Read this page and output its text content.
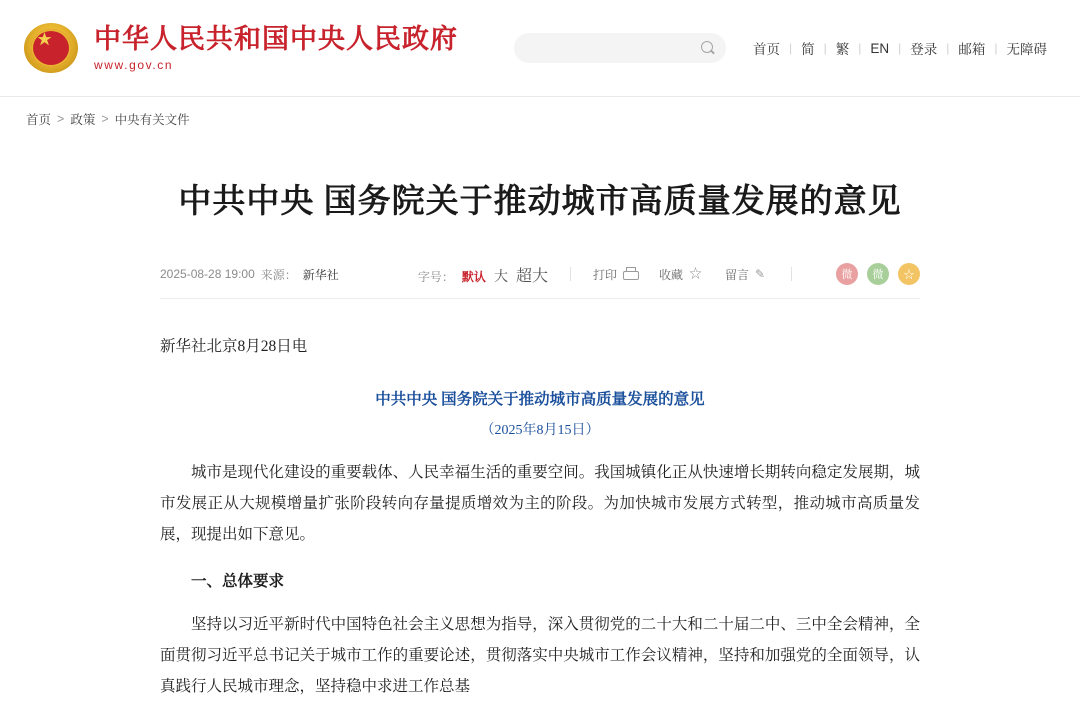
中华人民共和国中央人民政府
www.gov.cn
首页 | 简 | 繁 | EN | 登录 | 邮箱 | 无障碍
首页 > 政策 > 中央有关文件
中共中央 国务院关于推动城市高质量发展的意见
2025-08-28 19:00 来源： 新华社	字号： 默认 大 超大	打印	收藏 ☆ 留言 ✎	微	微	☆
新华社北京8月28日电
中共中央 国务院关于推动城市高质量发展的意见
（2025年8月15日）

城市是现代化建设的重要载体、人民幸福生活的重要空间。我国城镇化正从快速增长期转向稳定发展期，城市发展正从大规模增量扩张阶段转向存量提质增效为主的阶段。为加快城市发展方式转型，推动城市高质量发展，现提出如下意见。

一、总体要求

坚持以习近平新时代中国特色社会主义思想为指导，深入贯彻党的二十大和二十届二中、三中全会精神，全面贯彻习近平总书记关于城市工作的重要论述，贯彻落实中央城市工作会议精神，坚持和加强党的全面领导，认真践行人民城市理念，坚持稳中求进工作总基
